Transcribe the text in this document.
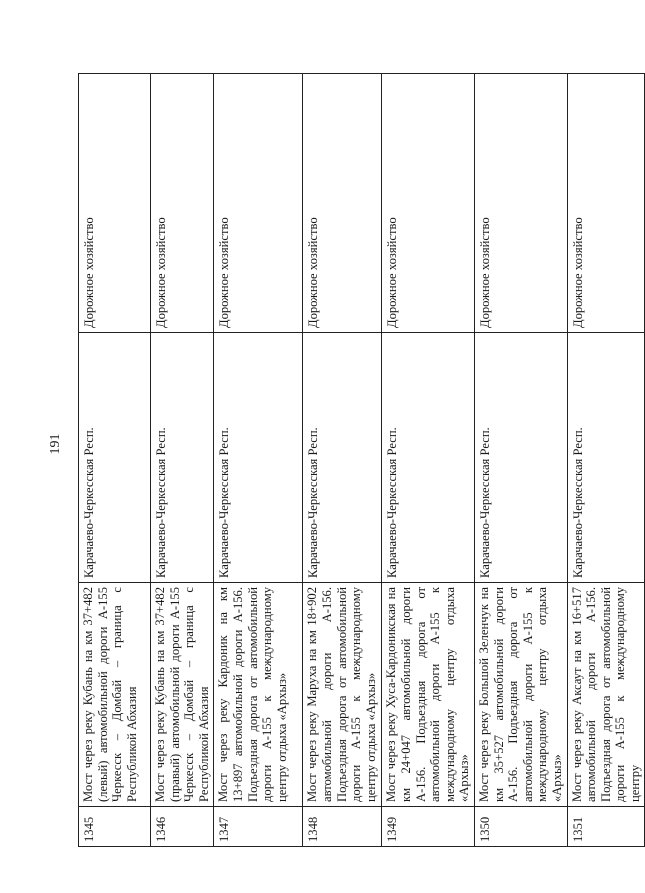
191
1345	Мост через реку Кубань на км 37+482 (левый) автомобильной дороги А-155 Черкесск – Домбай – граница с Республикой Абхазия	Карачаево-Черкесская Респ.	Дорожное хозяйство
1346	Мост через реку Кубань на км 37+482 (правый) автомобильной дороги А-155 Черкесск – Домбай – граница с Республикой Абхазия	Карачаево-Черкесская Респ.	Дорожное хозяйство
1347	Мост через реку Кардоник на км 13+897 автомобильной дороги А-156. Подъездная дорога от автомобильной дороги А-155 к международному центру отдыха «Архыз»	Карачаево-Черкесская Респ.	Дорожное хозяйство
1348	Мост через реку Маруха на км 18+902 автомобильной дороги А-156. Подъездная дорога от автомобильной дороги А-155 к международному центру отдыха «Архыз»	Карачаево-Черкесская Респ.	Дорожное хозяйство
1349	Мост через реку Хуса-Кардоникская на км 24+047 автомобильной дороги А-156. Подъездная дорога от автомобильной дороги А-155 к международному центру отдыха «Архыз»	Карачаево-Черкесская Респ.	Дорожное хозяйство
1350	Мост через реку Большой Зеленчук на км 35+527 автомобильной дороги А-156. Подъездная дорога от автомобильной дороги А-155 к международному центру отдыха «Архыз»	Карачаево-Черкесская Респ.	Дорожное хозяйство
1351	Мост через реку Аксаут на км 16+517 автомобильной дороги А-156. Подъездная дорога от автомобильной дороги А-155 к международному центру	Карачаево-Черкесская Респ.	Дорожное хозяйство
